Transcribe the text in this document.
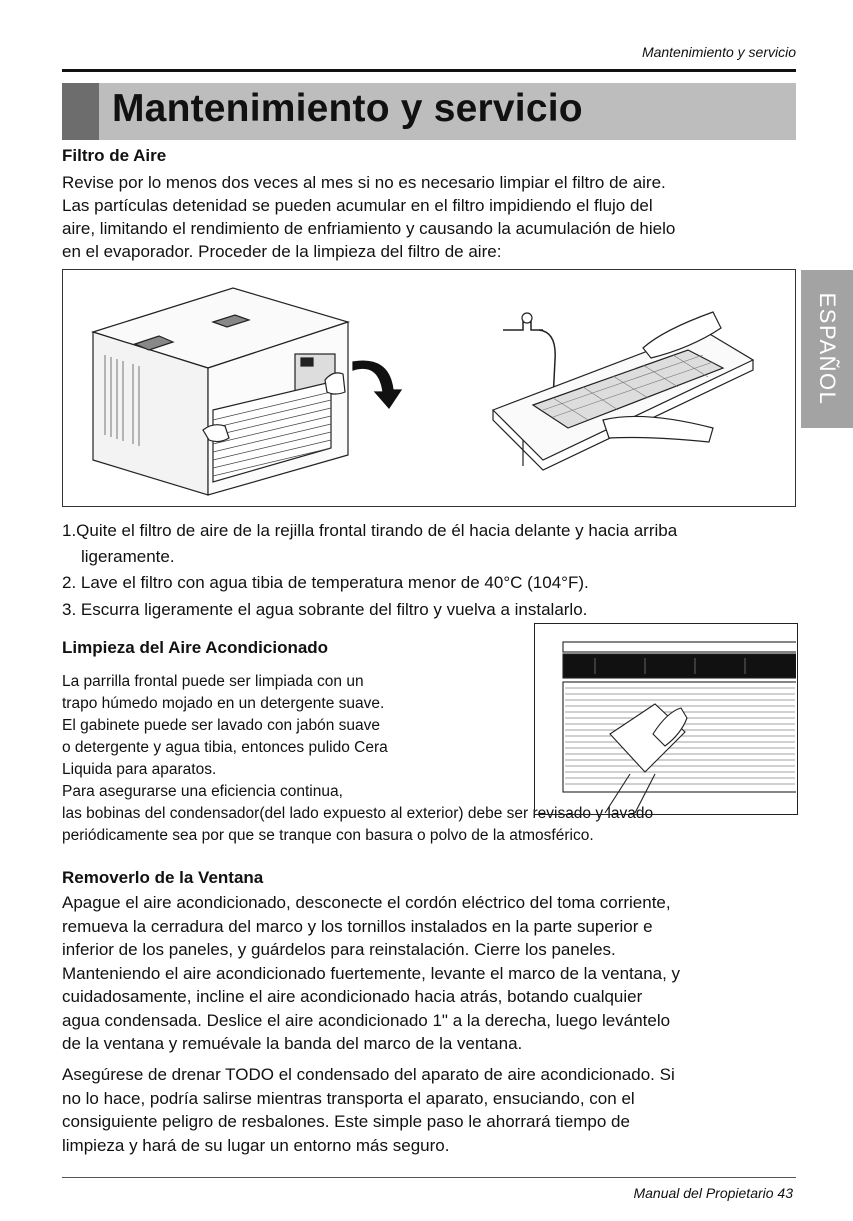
Mantenimiento y servicio
Mantenimiento y servicio
ESPAÑOL
Filtro de Aire
Revise por lo menos dos veces al mes si no es necesario limpiar el filtro de aire.
Las partículas detenidad se pueden acumular en el filtro impidiendo el flujo del
aire, limitando el rendimiento de enfriamiento y causando la acumulación de hielo
en el evaporador. Proceder de la limpieza del filtro de aire:
1.Quite el filtro de aire de la rejilla frontal tirando de él hacia delante y hacia arriba
ligeramente.
2. Lave el filtro con agua tibia de temperatura menor de 40°C (104°F).
3. Escurra ligeramente el agua sobrante del filtro y vuelva a instalarlo.
Limpieza del Aire Acondicionado
La parrilla frontal puede ser limpiada con un
trapo húmedo mojado en un detergente suave.
El gabinete puede ser lavado con jabón suave
o detergente y agua tibia, entonces pulido Cera
Liquida para aparatos.
Para asegurarse una eficiencia continua,
las bobinas del condensador(del lado expuesto al exterior) debe ser revisado y lavado
periódicamente sea por que se tranque con basura o polvo de la atmosférico.
Removerlo de la Ventana
Apague el aire acondicionado, desconecte el cordón eléctrico del toma corriente,
remueva la cerradura del marco y los tornillos instalados en la parte superior e
inferior de los paneles, y guárdelos para reinstalación. Cierre los paneles.
Manteniendo el aire acondicionado fuertemente, levante el marco de la ventana, y
cuidadosamente, incline el aire acondicionado hacia atrás, botando cualquier
agua condensada. Deslice el aire acondicionado 1" a la derecha, luego levántelo
de la ventana y remuévale la banda del marco de la ventana.
Asegúrese de drenar TODO el condensado del aparato de aire acondicionado. Si
no lo hace, podría salirse mientras transporta el aparato, ensuciando, con el
consiguiente peligro de resbalones. Este simple paso le ahorrará tiempo de
limpieza y hará de su lugar un entorno más seguro.
Manual del Propietario 43
